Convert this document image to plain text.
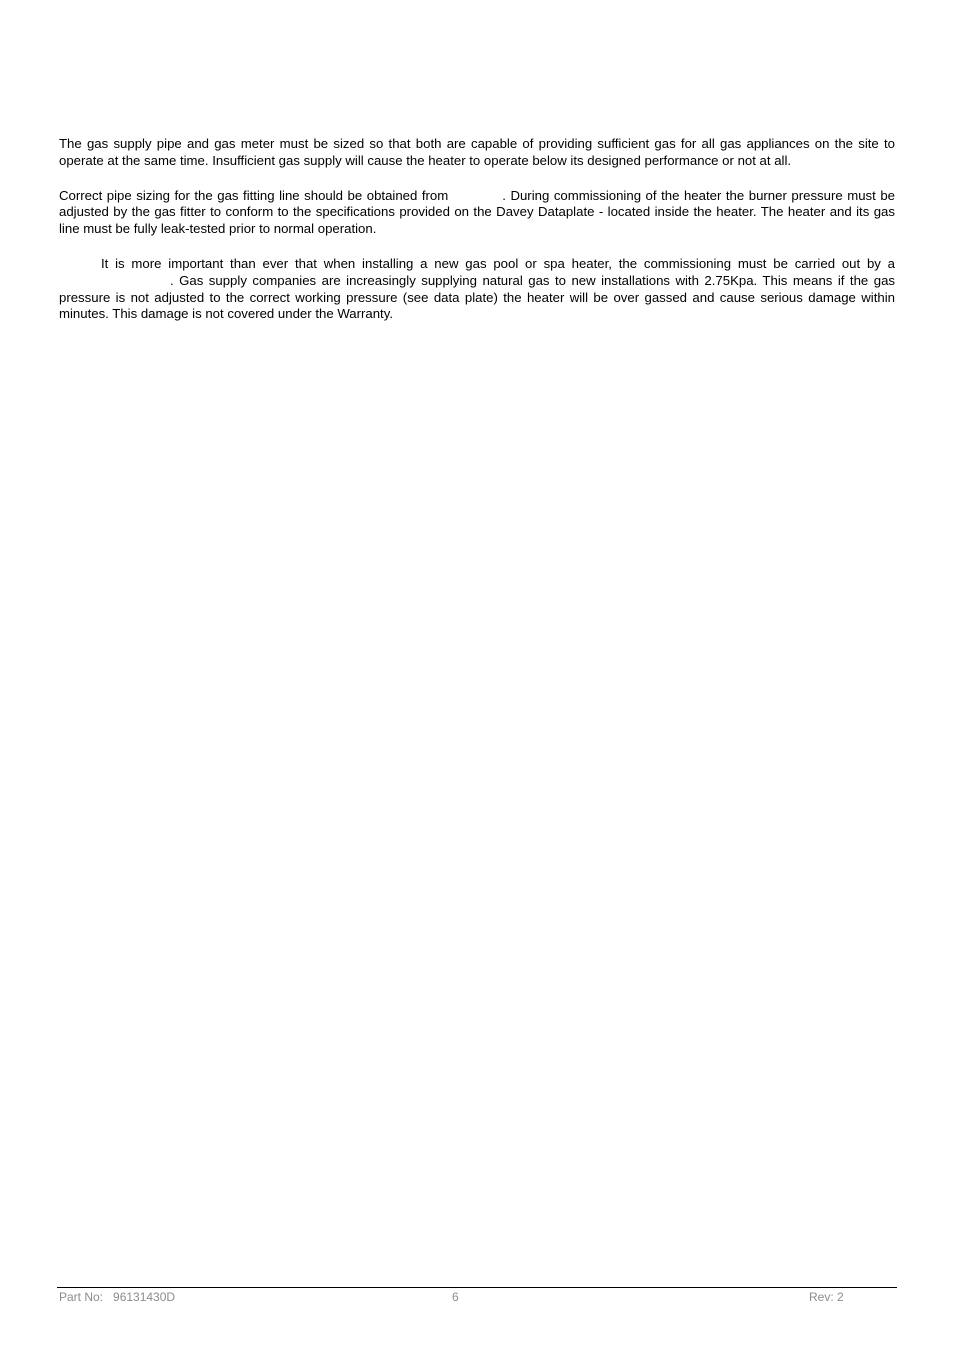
The gas supply pipe and gas meter must be sized so that both are capable of providing sufficient gas for all gas appliances on the site to operate at the same time. Insufficient gas supply will cause the heater to operate below its designed performance or not at all.

Correct pipe sizing for the gas fitting line should be obtained from	. During commissioning of the heater the burner pressure must be adjusted by the gas fitter to conform to the specifications provided on the Davey Dataplate - located inside the heater. The heater and its gas line must be fully leak-tested prior to normal operation.

It is more important than ever that when installing a new gas pool or spa heater, the commissioning must be carried out by a . Gas supply companies are increasingly supplying natural gas to new installations with 2.75Kpa. This means if the gas pressure is not adjusted to the correct working pressure (see data plate) the heater will be over gassed and cause serious damage within minutes. This damage is not covered under the Warranty.

Part No: 96131430D	6	Rev: 2
